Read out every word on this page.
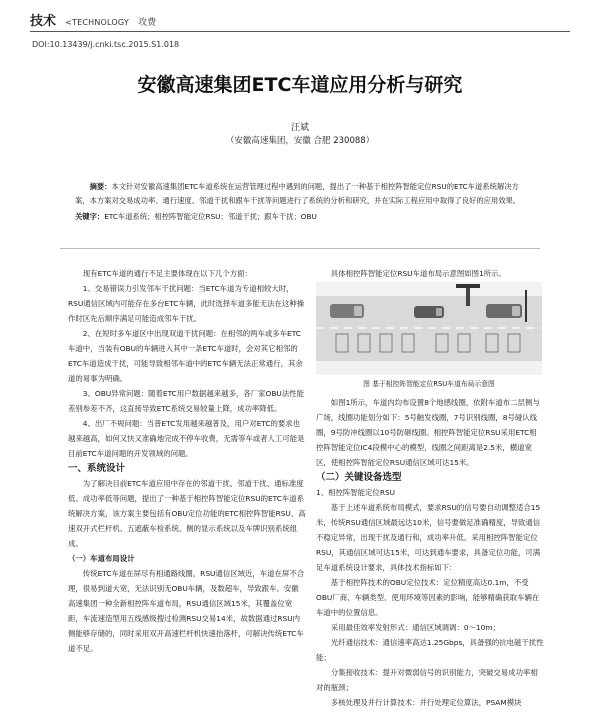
技术 <TECHNOLOGY 攻费
DOI:10.13439/j.cnki.tsc.2015.S1.018
安徽高速集团ETC车道应用分析与研究
汪斌
（安徽高速集团，安徽 合肥 230088）
摘要：本文针对安徽高速集团ETC车道系统在运营管理过程中遇到的问题，提出了一种基于相控阵智能定位RSU的ETC车道系统解决方案，本方案对交易成功率、通行速度、邻道干扰和跟车干扰等问题进行了系统的分析和研究，并在实际工程应用中取得了良好的应用效果。
关键字：ETC车道系统；相控阵智能定位RSU；邻道干扰；跟车干扰；OBU

现有ETC车道的通行不足主要体现在以下几个方面：

1、交易错误力引发邻车干扰问题：当ETC车道为专道相较大时，RSU通信区域内可能存在多台ETC车辆，此时选择车道多能无法在这种操作时区先后顺序满足可能造成邻车干扰。

2、在短时多车道区中出现双道干扰问题：在相邻的两车或多车ETC车道中，当装有OBU的车辆进入其中一条ETC车道时，会对其它相邻的ETC车道造成干扰，可能导致相邻车道中的ETC车辆无法正常通行，其余道的易事为明确。

3、OBU异常问题：随着ETC用户数据越来越多，各厂家OBU法性能差别参差不齐，这直接导致ETC系统交易较量上降，成功率降低。

4、出厂不规问题：当普ETC发用越来越普及，用户对ETC的要求也越来越高，如何又快又准确地完成不停车收费，无需等车或者人工可能是目前ETC车道问题的开发领域的问题。

一、系统设计

为了解决目前ETC车道应用中存在的邻道干扰、邻道干扰、通标准度低、成功率低等问题，提出了一种基于相控阵智能定位RSU的ETC车道系统解决方案，该方案主要包括有OBU定位功能的ETC相控阵智能RSU、高速双开式栏杆机、五遮蔽车检系统、侧的显示系统以及车牌识别系统组成。

（一）车道布局设计

传统ETC车道在屏尽有相通路线圈，RSU通信区域近，车道在屏不合理，很易到道大宽，无法识别无OBU车辆，及数超车，导致跟车。安徽高速集团一种全新相控阵车道布局，RSU通信区域15米，其覆盖位宽距，车流速造型用五线感级搜过检测RSU交易14米，故数据通过RSU内侧能够存储的，同时采用双开高速栏杆机快速抬落杆，可解决传统ETC车道不足。

具体相控阵智能定位RSU车道布局示意图如图1所示。

图 基于相控阵智能定位RSU车道布局示意图

如图1所示，车道内均布设置8个地感线圈，依附车道布二层侧与广场，线圈功能划分如下：5号触发线圈，7号识别线圈，8号碰认线圈，9号防冲线圈以10号防砸线圈。相控阵智能定位RSU采用ETC相控阵智能定位IC4段模中心的模型，线圈之间距离是2.5米，横道宽区，使相控阵智能定位RSU通信区域可达15米。

（二）关键设备选型

1、相控阵智能定位RSU

基于上述车道系统布局模式，要求RSU的信号要自动调整适合15米，传统RSU通信区域最远达10米，信号要做足准确精度，导致通信不稳定异常，出现干扰及通行和，成功率升低。采用相控阵智能定位RSU，其通信区域可达15米，可达到通车要求，具备定位功能，可满足车道系统设计要求，具体技术指标如下：

基于相控阵技术的OBU定位技术：定位精度高达0.1m，不受OBU厂商、车辆类型、使用环境等因素的影响，能够精确获取车辆在车道中的位置信息。

采用最佳效率发射形式：通信区域调调：0～10m；

光纤通信技术：通信速率高达1.25Gbps，具备强的抗电磁干扰性能；

分集接收技术：提升对微弱信号的识别能力，突破交易成功率相对的瓶颈；

多核处理及并行计算技术：并行处理定位算法，PSAM模块
